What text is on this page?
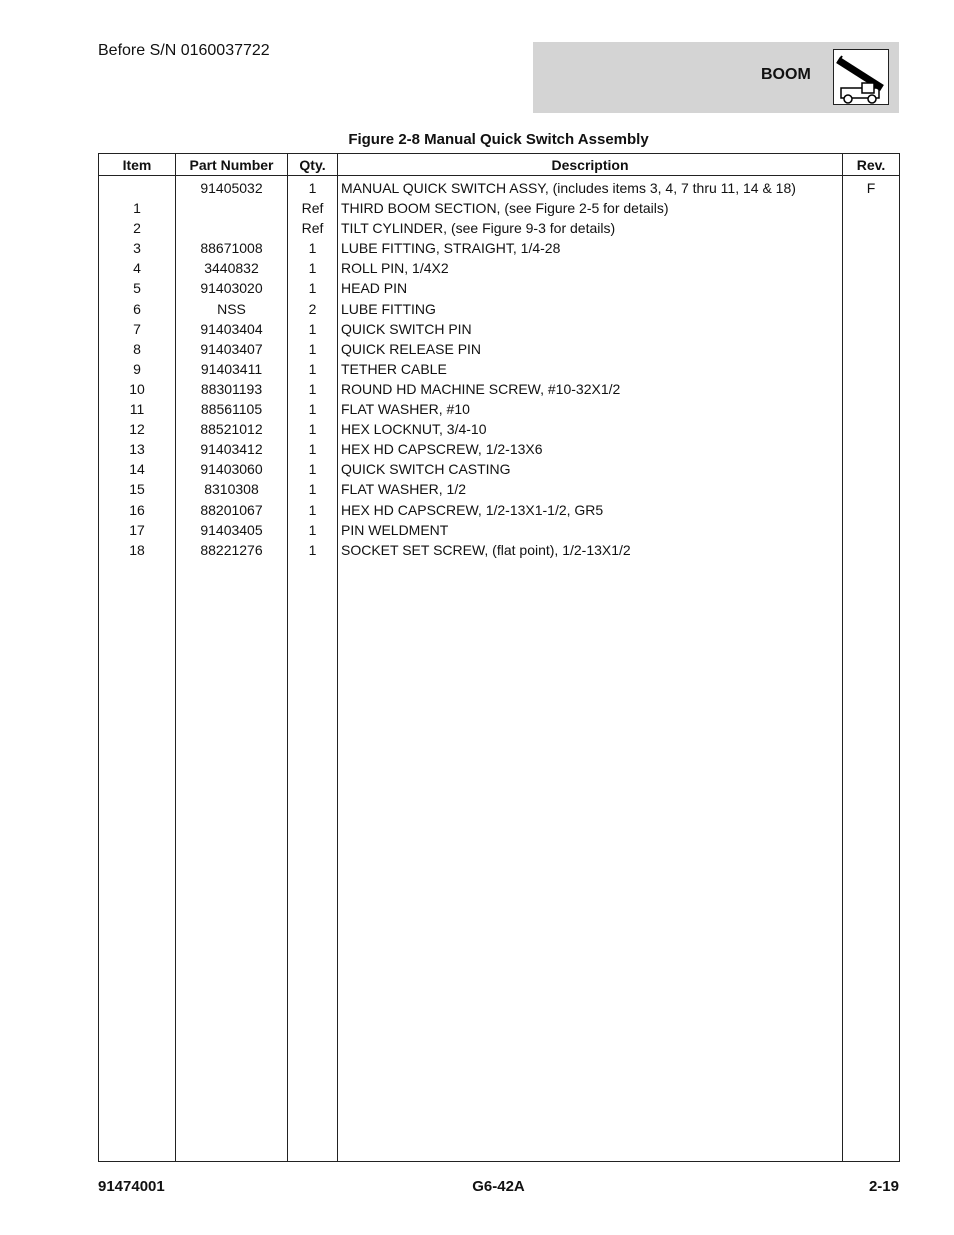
Before S/N 0160037722
BOOM
Figure 2-8 Manual Quick Switch Assembly
Item	Part Number	Qty.	Description	Rev.
	91405032	1	MANUAL QUICK SWITCH ASSY, (includes items 3, 4, 7 thru 11, 14 & 18)	F
1		Ref	THIRD BOOM SECTION, (see Figure 2-5 for details)	
2		Ref	TILT CYLINDER, (see Figure 9-3 for details)	
3	88671008	1	LUBE FITTING, STRAIGHT, 1/4-28	
4	3440832	1	ROLL PIN, 1/4X2	
5	91403020	1	HEAD PIN	
6	NSS	2	LUBE FITTING	
7	91403404	1	QUICK SWITCH PIN	
8	91403407	1	QUICK RELEASE PIN	
9	91403411	1	TETHER CABLE	
10	88301193	1	ROUND HD MACHINE SCREW, #10-32X1/2	
11	88561105	1	FLAT WASHER, #10	
12	88521012	1	HEX LOCKNUT, 3/4-10	
13	91403412	1	HEX HD CAPSCREW, 1/2-13X6	
14	91403060	1	QUICK SWITCH CASTING	
15	8310308	1	FLAT WASHER, 1/2	
16	88201067	1	HEX HD CAPSCREW, 1/2-13X1-1/2, GR5	
17	91403405	1	PIN WELDMENT	
18	88221276	1	SOCKET SET SCREW, (flat point), 1/2-13X1/2	

91474001	G6-42A	2-19
